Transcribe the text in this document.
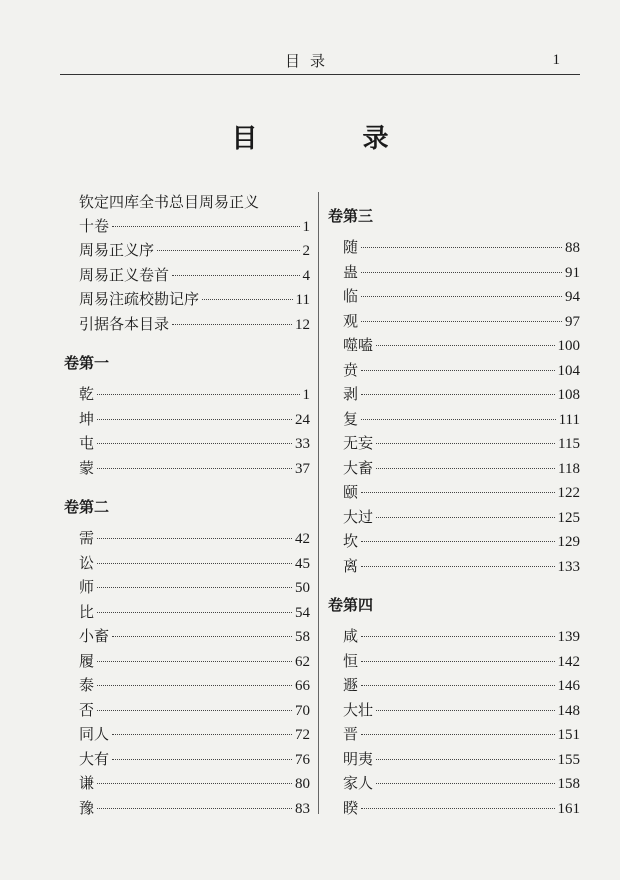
目录	1
目 录
钦定四库全书总目周易正义
十卷	1
周易正义序	2
周易正义卷首	4
周易注疏校勘记序	11
引据各本目录	12
卷第一
乾	1
坤	24
屯	33
蒙	37
卷第二
需	42
讼	45
师	50
比	54
小畜	58
履	62
泰	66
否	70
同人	72
大有	76
谦	80
豫	83
卷第三
随	88
蛊	91
临	94
观	97
噬嗑	100
贲	104
剥	108
复	111
无妄	115
大畜	118
颐	122
大过	125
坎	129
离	133
卷第四
咸	139
恒	142
遯	146
大壮	148
晋	151
明夷	155
家人	158
睽	161
